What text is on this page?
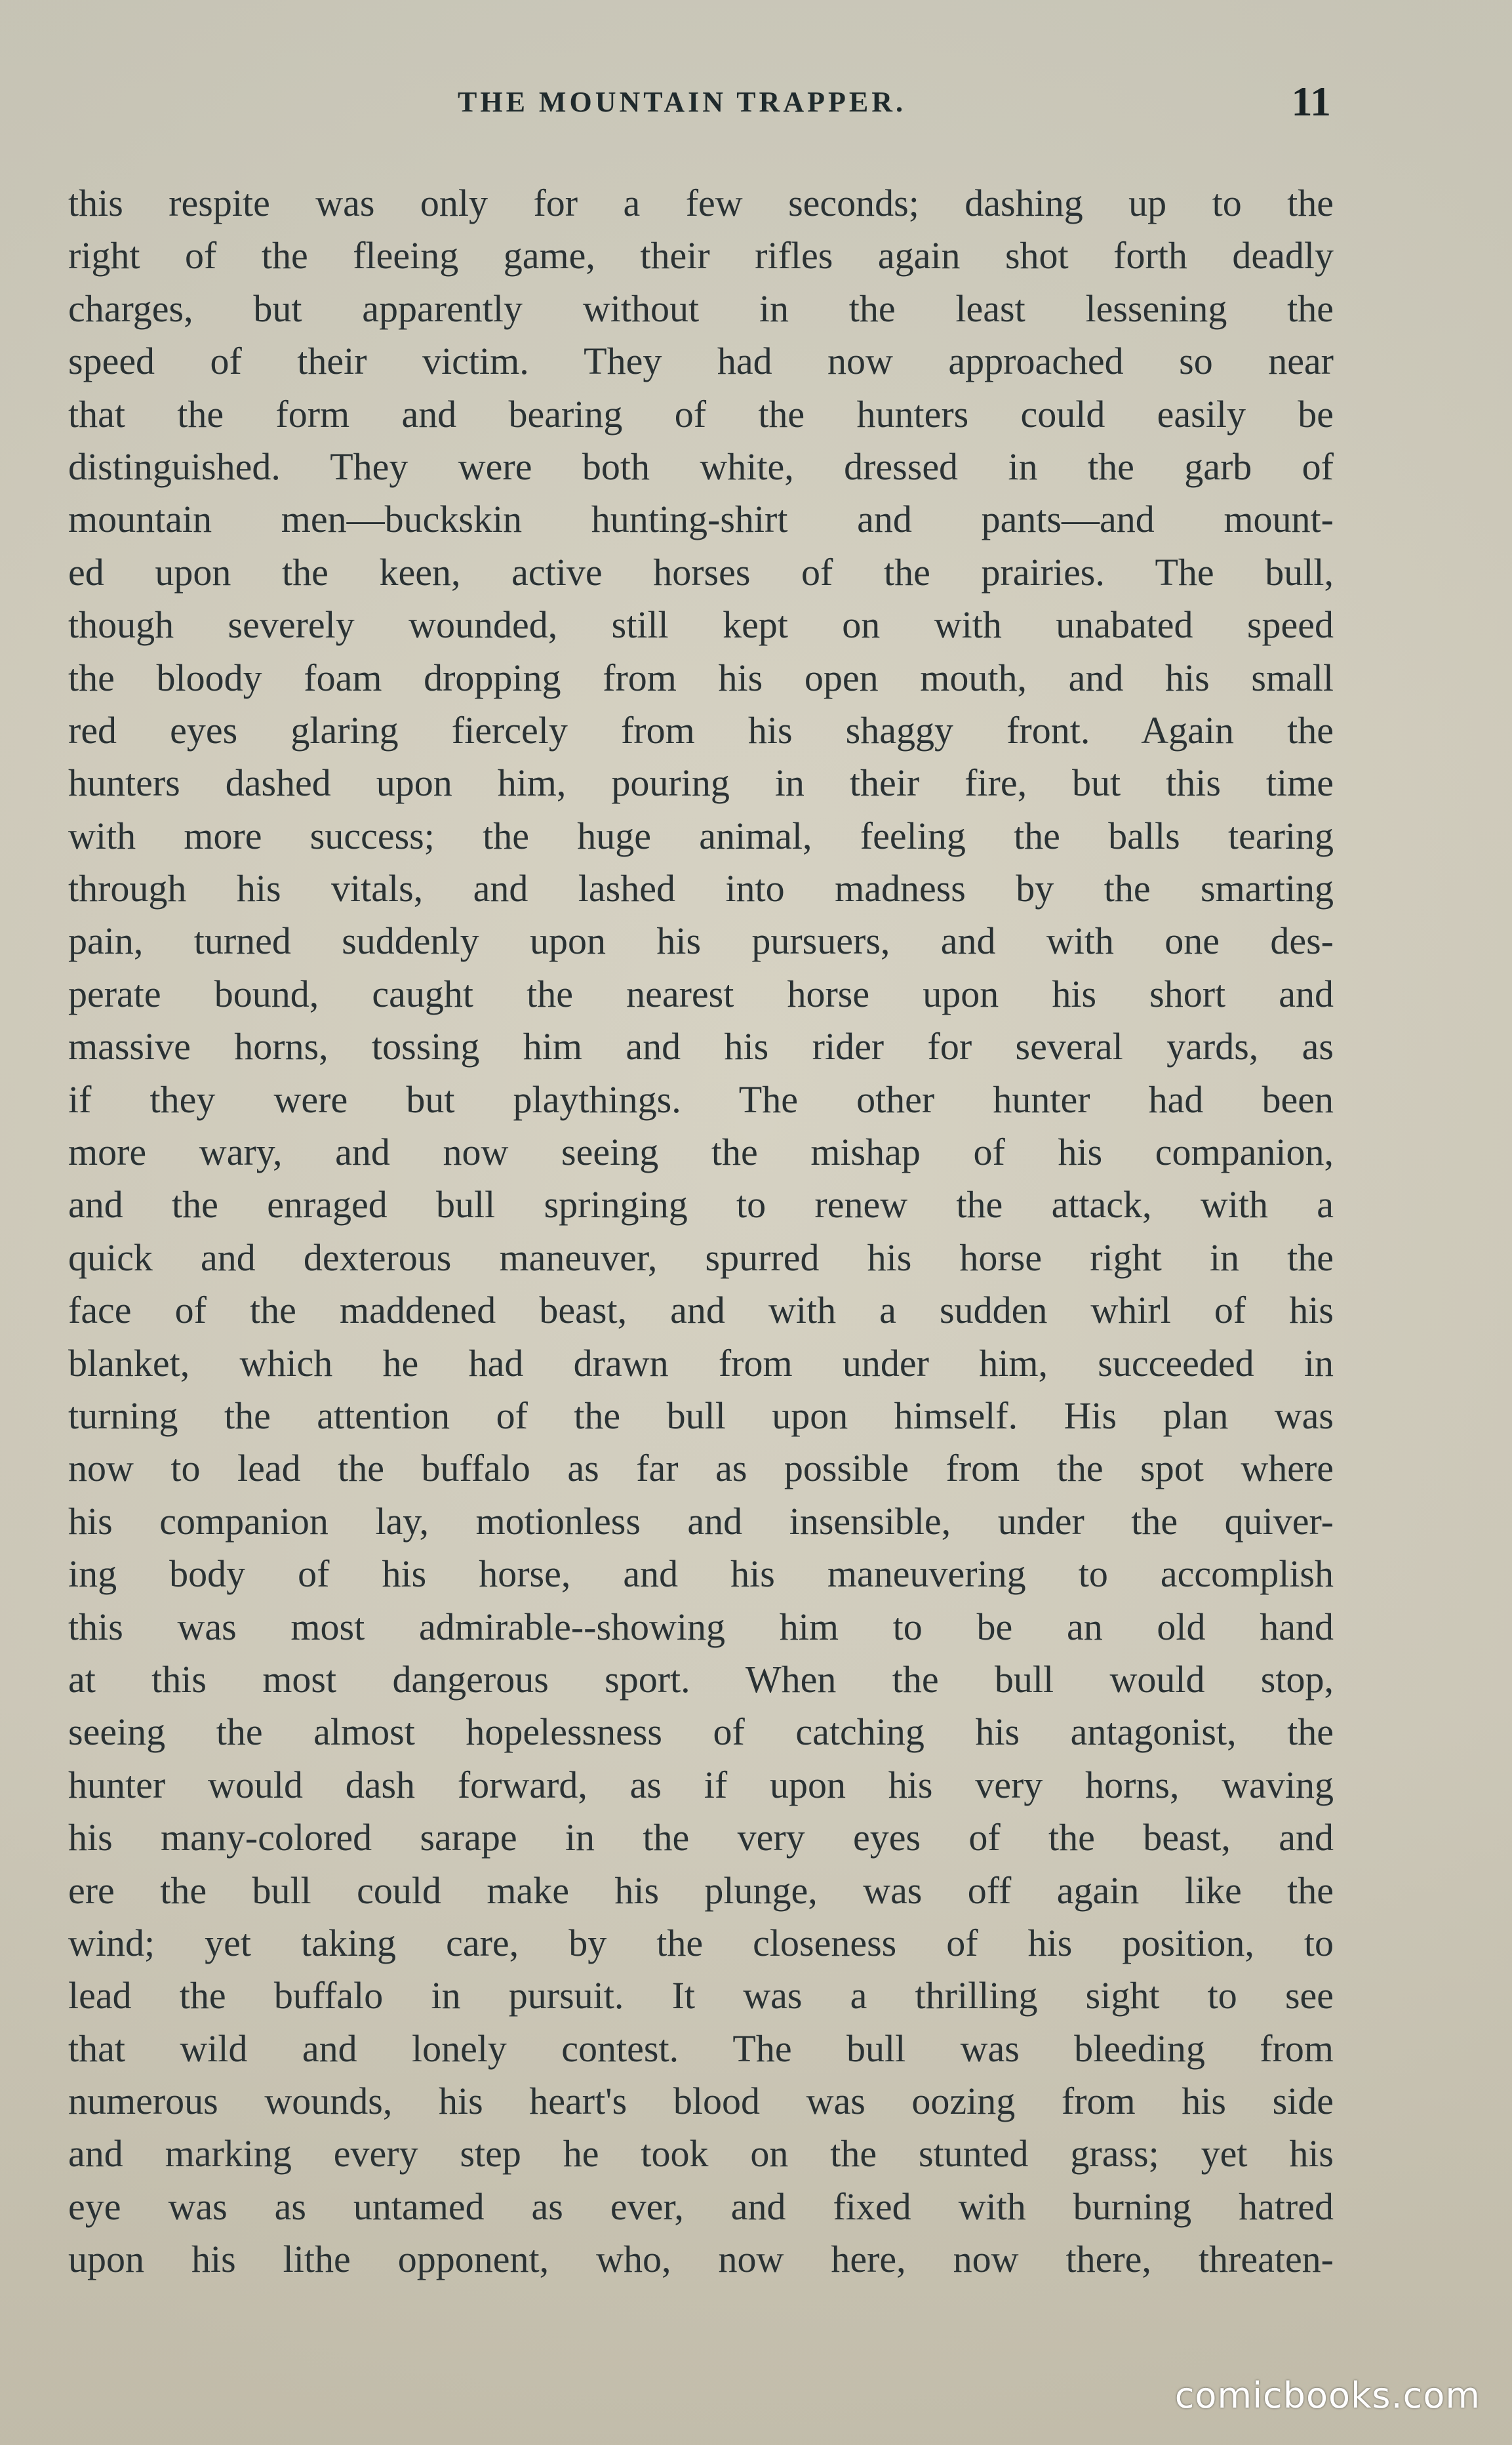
THE MOUNTAIN TRAPPER.	11
this respite was only for a few seconds; dashing up to the
right of the fleeing game, their rifles again shot forth deadly
charges, but apparently without in the least lessening the
speed of their victim. They had now approached so near
that the form and bearing of the hunters could easily be
distinguished. They were both white, dressed in the garb of
mountain men—buckskin hunting-shirt and pants—and mount-
ed upon the keen, active horses of the prairies. The bull,
though severely wounded, still kept on with unabated speed
the bloody foam dropping from his open mouth, and his small
red eyes glaring fiercely from his shaggy front. Again the
hunters dashed upon him, pouring in their fire, but this time
with more success; the huge animal, feeling the balls tearing
through his vitals, and lashed into madness by the smarting
pain, turned suddenly upon his pursuers, and with one des-
perate bound, caught the nearest horse upon his short and
massive horns, tossing him and his rider for several yards, as
if they were but playthings. The other hunter had been
more wary, and now seeing the mishap of his companion,
and the enraged bull springing to renew the attack, with a
quick and dexterous maneuver, spurred his horse right in the
face of the maddened beast, and with a sudden whirl of his
blanket, which he had drawn from under him, succeeded in
turning the attention of the bull upon himself. His plan was
now to lead the buffalo as far as possible from the spot where
his companion lay, motionless and insensible, under the quiver-
ing body of his horse, and his maneuvering to accomplish
this was most admirable--showing him to be an old hand
at this most dangerous sport. When the bull would stop,
seeing the almost hopelessness of catching his antagonist, the
hunter would dash forward, as if upon his very horns, waving
his many-colored sarape in the very eyes of the beast, and
ere the bull could make his plunge, was off again like the
wind; yet taking care, by the closeness of his position, to
lead the buffalo in pursuit. It was a thrilling sight to see
that wild and lonely contest. The bull was bleeding from
numerous wounds, his heart's blood was oozing from his side
and marking every step he took on the stunted grass; yet his
eye was as untamed as ever, and fixed with burning hatred
upon his lithe opponent, who, now here, now there, threaten-
comicbooks.com
